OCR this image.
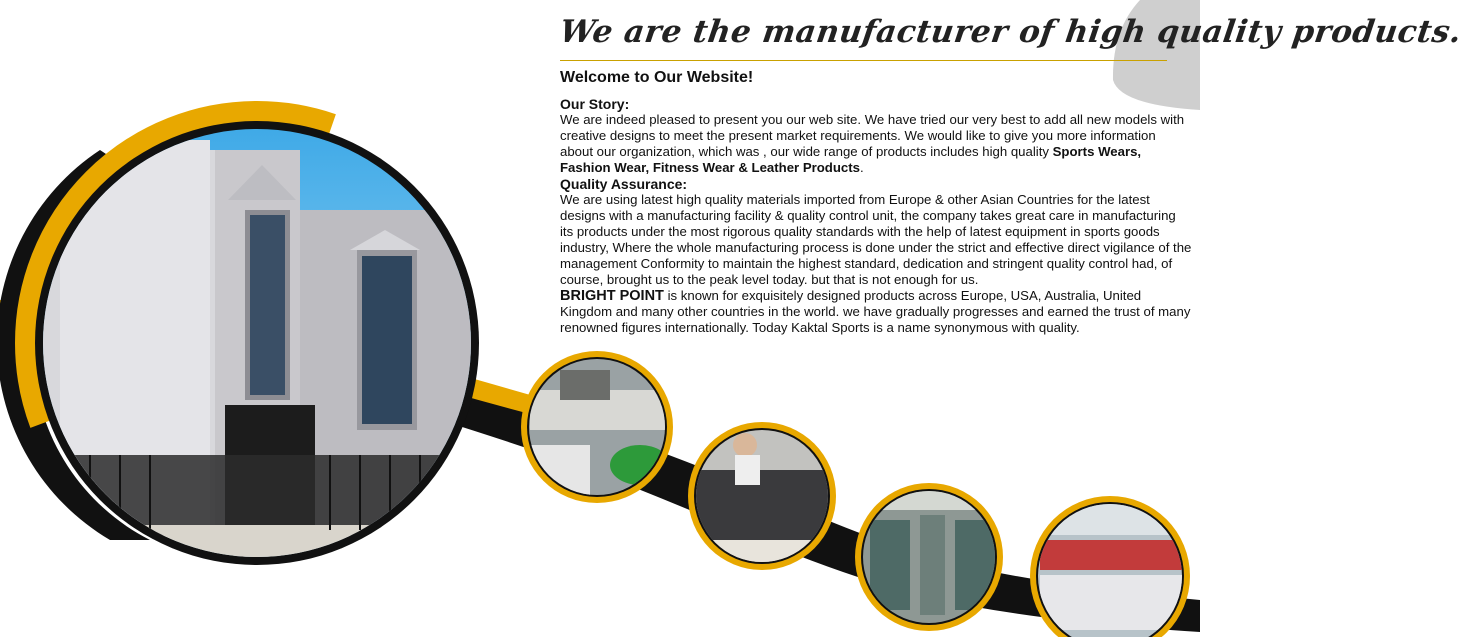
We are the manufacturer of high quality products.
Welcome to Our Website!
Our Story:
We are indeed pleased to present you our web site. We have tried our very best to add all new models with creative designs to meet the present market requirements. We would like to give you more information about our organization, which was , our wide range of products includes high quality Sports Wears, Fashion Wear, Fitness Wear & Leather Products.
Quality Assurance:
We are using latest high quality materials imported from Europe & other Asian Countries for the latest designs with a manufacturing facility & quality control unit, the company takes great care in manufacturing its products under the most rigorous quality standards with the help of latest equipment in sports goods industry, Where the whole manufacturing process is done under the strict and effective direct vigilance of the management Conformity to maintain the highest standard, dedication and stringent quality control had, of course, brought us to the peak level today. but that is not enough for us.
BRIGHT POINT is known for exquisitely designed products across Europe, USA, Australia, United Kingdom and many other countries in the world. we have gradually progresses and earned the trust of many renowned figures internationally. Today Kaktal Sports is a name synonymous with quality.
